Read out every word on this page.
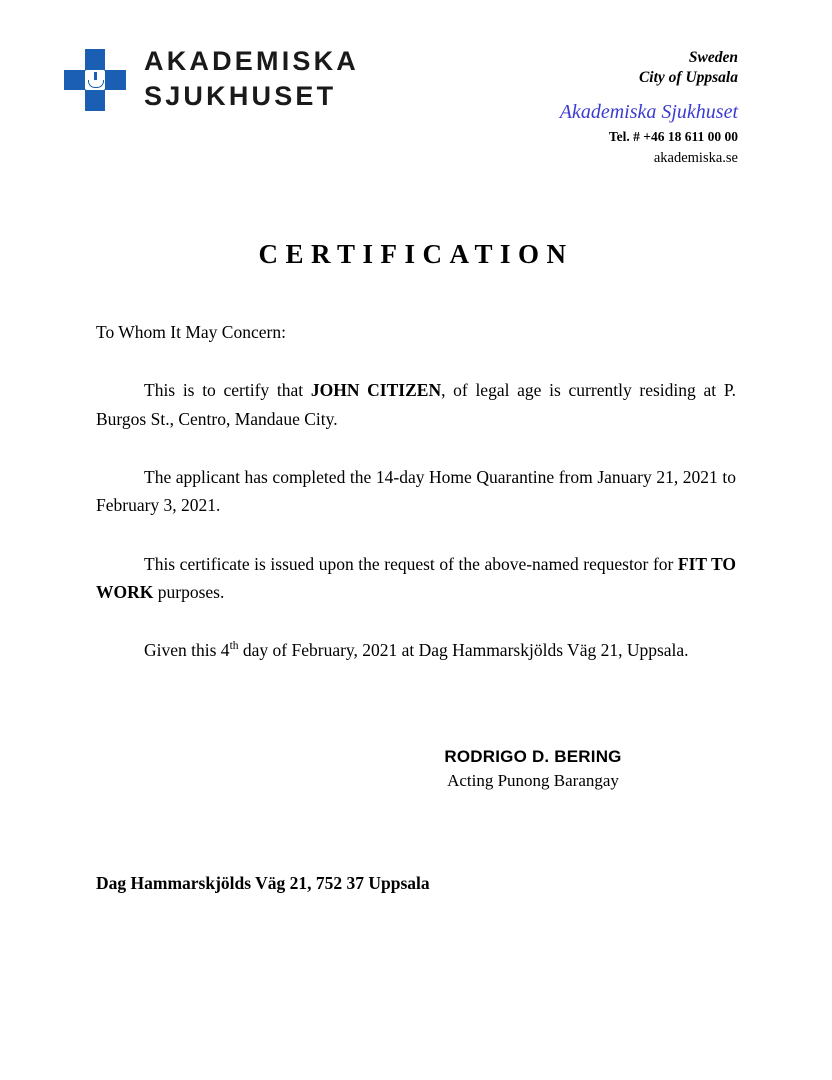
AKADEMISKA
SJUKHUSET
Sweden
City of Uppsala
Akademiska Sjukhuset
Tel. # +46 18 611 00 00
akademiska.se
CERTIFICATION

To Whom It May Concern:

This is to certify that JOHN CITIZEN, of legal age is currently residing at P. Burgos St., Centro, Mandaue City.

The applicant has completed the 14-day Home Quarantine from January 21, 2021 to February 3, 2021.

This certificate is issued upon the request of the above-named requestor for FIT TO WORK purposes.

Given this 4th day of February, 2021 at Dag Hammarskjölds Väg 21, Uppsala.

RODRIGO D. BERING
Acting Punong Barangay
Dag Hammarskjölds Väg 21, 752 37 Uppsala
